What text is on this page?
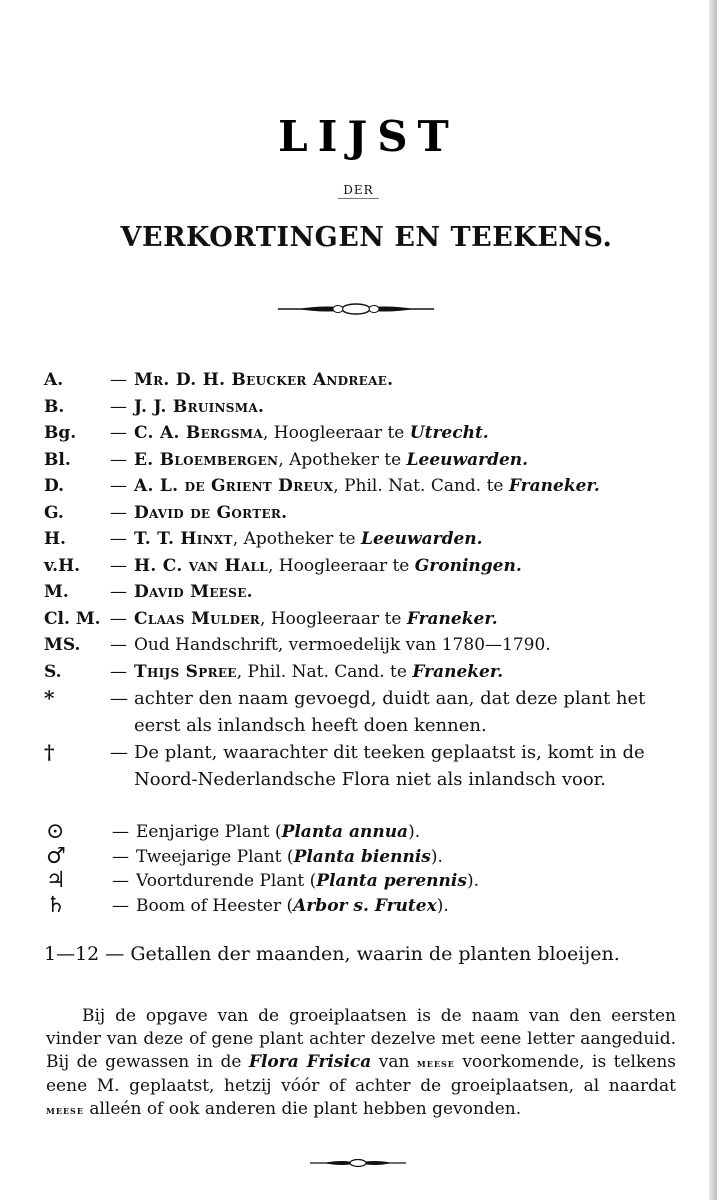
LIJST
DER
VERKORTINGEN EN TEEKENS.
A.	— Mr. D. H. Beucker Andreae.
B.	— J. J. Bruinsma.
Bg.	— C. A. Bergsma, Hoogleeraar te Utrecht.
Bl.	— E. Bloembergen, Apotheker te Leeuwarden.
D.	— A. L. de Grient Dreux, Phil. Nat. Cand. te Franeker.
G.	— David de Gorter.
H.	— T. T. Hinxt, Apotheker te Leeuwarden.
v.H.	— H. C. van Hall, Hoogleeraar te Groningen.
M.	— David Meese.
Cl. M. — Claas Mulder, Hoogleeraar te Franeker.
MS.	— Oud Handschrift, vermoedelijk van 1780—1790.
S.	— Thijs Spree, Phil. Nat. Cand. te Franeker.
*	— achter den naam gevoegd, duidt aan, dat deze plant het eerst als inlandsch heeft doen kennen.
†	— De plant, waarachter dit teeken geplaatst is, komt in de Noord-Nederlandsche Flora niet als inlandsch voor.
⊙	— Eenjarige Plant (Planta annua).
♂	— Tweejarige Plant (Planta biennis).
♃	— Voortdurende Plant (Planta perennis).
♄	— Boom of Heester (Arbor s. Frutex).
1—12 — Getallen der maanden, waarin de planten bloeijen.

Bij de opgave van de groeiplaatsen is de naam van den eersten vinder van deze of gene plant achter dezelve met eene letter aangeduid. Bij de gewassen in de Flora Frisica van meese voorkomende, is telkens eene M. geplaatst, hetzij vóór of achter de groeiplaatsen, al naardat meese alleén of ook anderen die plant hebben gevonden.
